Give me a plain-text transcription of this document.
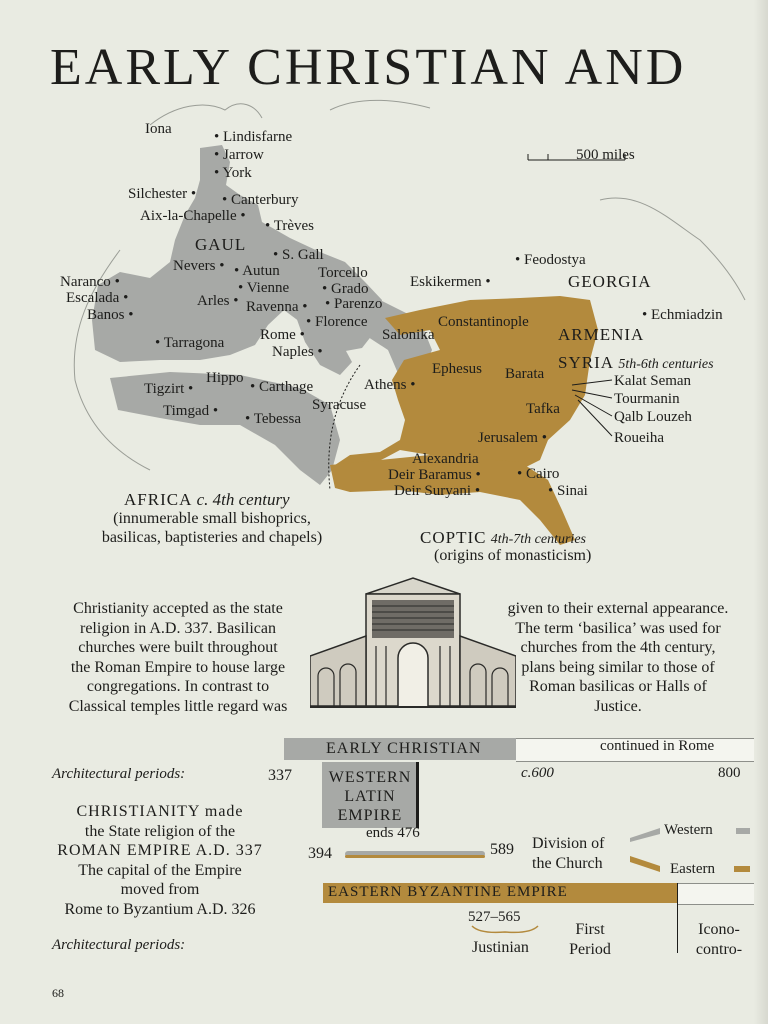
EARLY CHRISTIAN AND
500 miles
Iona	• Lindisfarne
• Jarrow
• York
Silchester • • Canterbury
Aix-la-Chapelle •
• Trèves
GAUL
• S. Gall
Nevers • • Autun
• Vienne
Torcello
• Grado
• Parenzo
Naranco •
Escalada •
Banos •
Arles • Ravenna •
• Florence
Rome •
• Tarragona
Naples •
Tigzirt •
Hippo
• Carthage
Timgad • • Tebessa
Syracuse
Athens •
Salonika
Constantinople
Ephesus Barata
Eskikermen •
• Feodostya
GEORGIA
ARMENIA
• Echmiadzin
SYRIA 5th-6th centuries
Kalat Seman
Tourmanin
Qalb Louzeh
Roueiha
Tafka
Jerusalem •
Alexandria
Deir Baramus •
Deir Suryani •
• Cairo
• Sinai
AFRICA c. 4th century
(innumerable small bishoprics,
basilicas, baptisteries and chapels)	COPTIC 4th-7th centuries
(origins of monasticism)
Christianity accepted as the state
religion in A.D. 337. Basilican
churches were built throughout
the Roman Empire to house large
congregations. In contrast to
Classical temples little regard was
given to their external appearance.
The term ‘basilica’ was used for
churches from the 4th century,
plans being similar to those of
Roman basilicas or Halls of
Justice.
EARLY CHRISTIAN	continued in Rome
Architectural periods:	337	c.600	800
WESTERN
LATIN
EMPIRE
ends 476
CHRISTIANITY made
the State religion of the
ROMAN EMPIRE A.D. 337
The capital of the Empire
moved from
Rome to Byzantium A.D. 326
394	589 Division of
the Church
Western
Eastern
EASTERN BYZANTINE EMPIRE
527–565
Justinian
First
Period
Icono-
contro-
Architectural periods:
68
